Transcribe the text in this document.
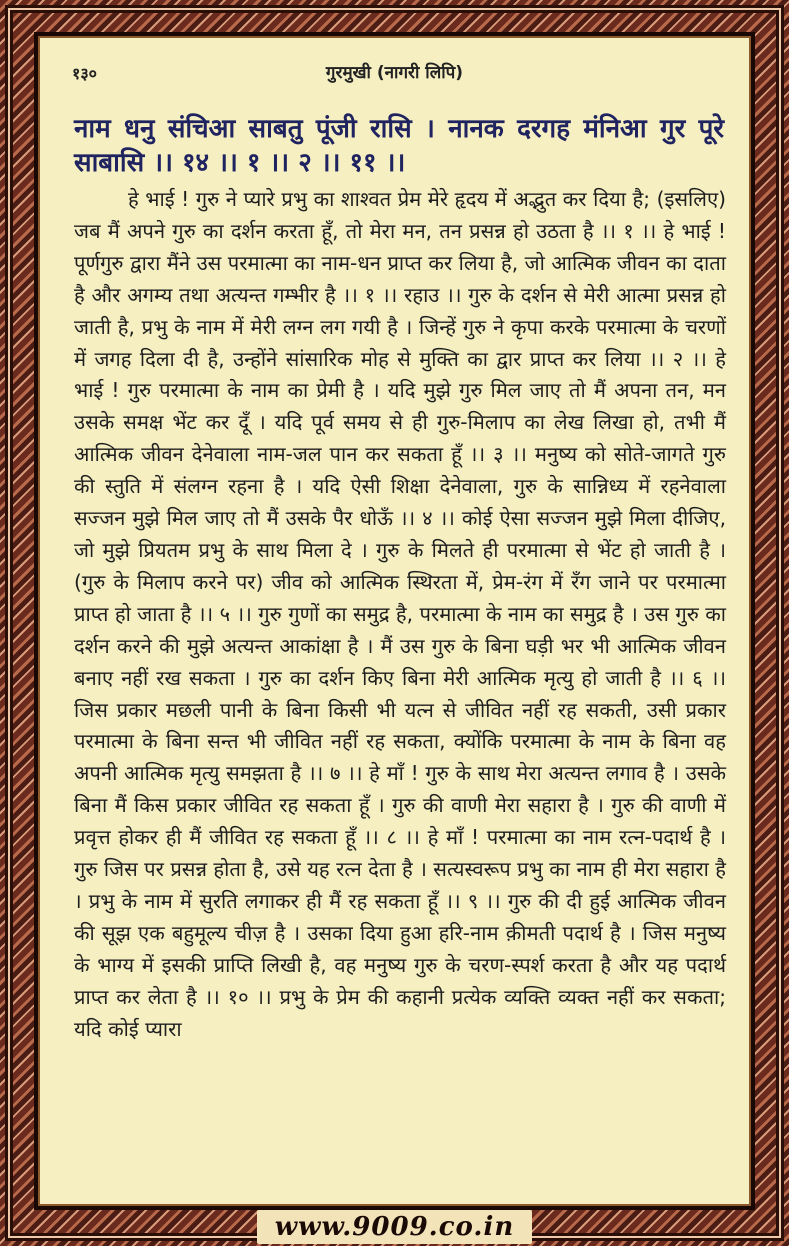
१३०	गुरमुखी (नागरी लिपि)
नाम धनु संचिआ साबतु पूंजी रासि । नानक दरगह मंनिआ गुर पूरे साबासि ।। १४ ।। १ ।। २ ।। ११ ।।
हे भाई ! गुरु ने प्यारे प्रभु का शाश्वत प्रेम मेरे हृदय में अद्भुत कर दिया है; (इसलिए) जब मैं अपने गुरु का दर्शन करता हूँ, तो मेरा मन, तन प्रसन्न हो उठता है ।। १ ।। हे भाई ! पूर्णगुरु द्वारा मैंने उस परमात्मा का नाम-धन प्राप्त कर लिया है, जो आत्मिक जीवन का दाता है और अगम्य तथा अत्यन्त गम्भीर है ।। १ ।। रहाउ ।। गुरु के दर्शन से मेरी आत्मा प्रसन्न हो जाती है, प्रभु के नाम में मेरी लग्न लग गयी है । जिन्हें गुरु ने कृपा करके परमात्मा के चरणों में जगह दिला दी है, उन्होंने सांसारिक मोह से मुक्ति का द्वार प्राप्त कर लिया ।। २ ।। हे भाई ! गुरु परमात्मा के नाम का प्रेमी है । यदि मुझे गुरु मिल जाए तो मैं अपना तन, मन उसके समक्ष भेंट कर दूँ । यदि पूर्व समय से ही गुरु-मिलाप का लेख लिखा हो, तभी मैं आत्मिक जीवन देनेवाला नाम-जल पान कर सकता हूँ ।। ३ ।। मनुष्य को सोते-जागते गुरु की स्तुति में संलग्न रहना है । यदि ऐसी शिक्षा देनेवाला, गुरु के सान्निध्य में रहनेवाला सज्जन मुझे मिल जाए तो मैं उसके पैर धोऊँ ।। ४ ।। कोई ऐसा सज्जन मुझे मिला दीजिए, जो मुझे प्रियतम प्रभु के साथ मिला दे । गुरु के मिलते ही परमात्मा से भेंट हो जाती है । (गुरु के मिलाप करने पर) जीव को आत्मिक स्थिरता में, प्रेम-रंग में रँग जाने पर परमात्मा प्राप्त हो जाता है ।। ५ ।। गुरु गुणों का समुद्र है, परमात्मा के नाम का समुद्र है । उस गुरु का दर्शन करने की मुझे अत्यन्त आकांक्षा है । मैं उस गुरु के बिना घड़ी भर भी आत्मिक जीवन बनाए नहीं रख सकता । गुरु का दर्शन किए बिना मेरी आत्मिक मृत्यु हो जाती है ।। ६ ।। जिस प्रकार मछली पानी के बिना किसी भी यत्न से जीवित नहीं रह सकती, उसी प्रकार परमात्मा के बिना सन्त भी जीवित नहीं रह सकता, क्योंकि परमात्मा के नाम के बिना वह अपनी आत्मिक मृत्यु समझता है ।। ७ ।। हे माँ ! गुरु के साथ मेरा अत्यन्त लगाव है । उसके बिना मैं किस प्रकार जीवित रह सकता हूँ । गुरु की वाणी मेरा सहारा है । गुरु की वाणी में प्रवृत्त होकर ही मैं जीवित रह सकता हूँ ।। ८ ।। हे माँ ! परमात्मा का नाम रत्न-पदार्थ है । गुरु जिस पर प्रसन्न होता है, उसे यह रत्न देता है । सत्यस्वरूप प्रभु का नाम ही मेरा सहारा है । प्रभु के नाम में सुरति लगाकर ही मैं रह सकता हूँ ।। ९ ।। गुरु की दी हुई आत्मिक जीवन की सूझ एक बहुमूल्य चीज़ है । उसका दिया हुआ हरि-नाम क़ीमती पदार्थ है । जिस मनुष्य के भाग्य में इसकी प्राप्ति लिखी है, वह मनुष्य गुरु के चरण-स्पर्श करता है और यह पदार्थ प्राप्त कर लेता है ।। १० ।। प्रभु के प्रेम की कहानी प्रत्येक व्यक्ति व्यक्त नहीं कर सकता; यदि कोई प्यारा
www.9009.co.in
